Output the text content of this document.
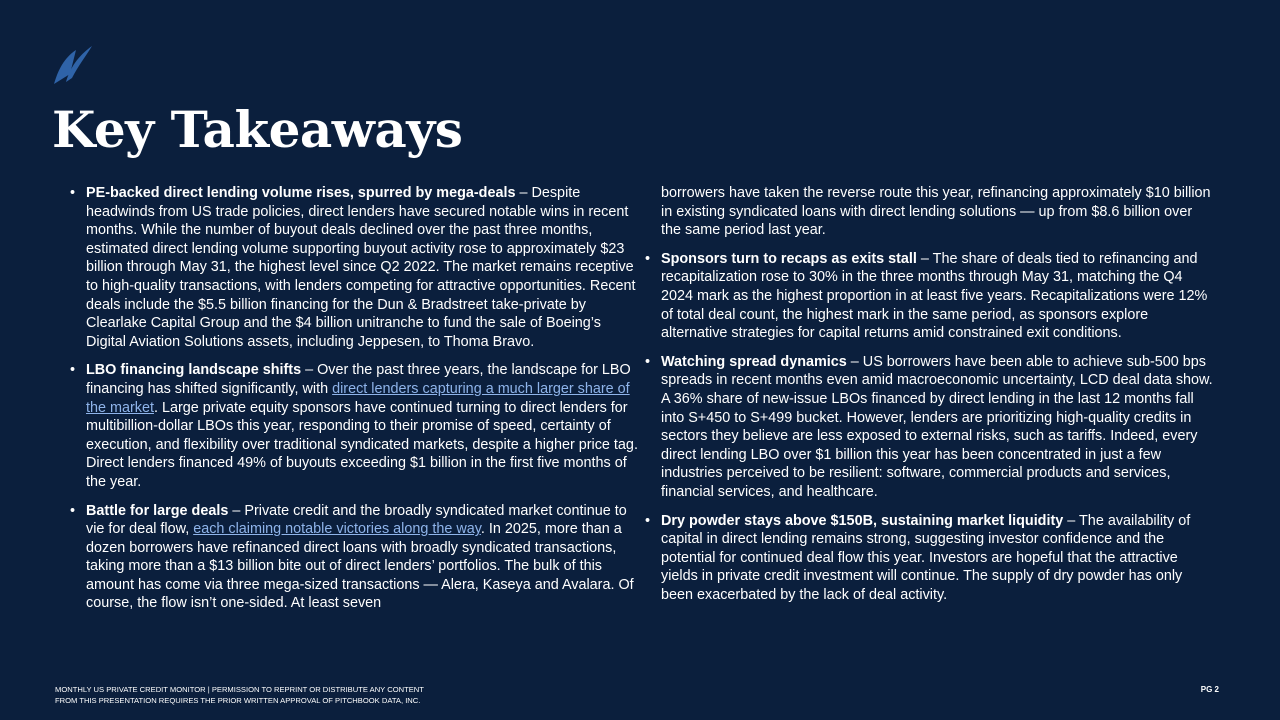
Key Takeaways
• PE-backed direct lending volume rises, spurred by mega-deals – Despite headwinds from US trade policies, direct lenders have secured notable wins in recent months. While the number of buyout deals declined over the past three months, estimated direct lending volume supporting buyout activity rose to approximately $23 billion through May 31, the highest level since Q2 2022. The market remains receptive to high-quality transactions, with lenders competing for attractive opportunities. Recent deals include the $5.5 billion financing for the Dun & Bradstreet take-private by Clearlake Capital Group and the $4 billion unitranche to fund the sale of Boeing’s Digital Aviation Solutions assets, including Jeppesen, to Thoma Bravo.
• LBO financing landscape shifts – Over the past three years, the landscape for LBO financing has shifted significantly, with direct lenders capturing a much larger share of the market. Large private equity sponsors have continued turning to direct lenders for multibillion-dollar LBOs this year, responding to their promise of speed, certainty of execution, and flexibility over traditional syndicated markets, despite a higher price tag. Direct lenders financed 49% of buyouts exceeding $1 billion in the first five months of the year.
• Battle for large deals – Private credit and the broadly syndicated market continue to vie for deal flow, each claiming notable victories along the way. In 2025, more than a dozen borrowers have refinanced direct loans with broadly syndicated transactions, taking more than a $13 billion bite out of direct lenders’ portfolios. The bulk of this amount has come via three mega-sized transactions — Alera, Kaseya and Avalara. Of course, the flow isn’t one-sided. At least seven

borrowers have taken the reverse route this year, refinancing approximately $10 billion in existing syndicated loans with direct lending solutions — up from $8.6 billion over the same period last year.

• Sponsors turn to recaps as exits stall – The share of deals tied to refinancing and recapitalization rose to 30% in the three months through May 31, matching the Q4 2024 mark as the highest proportion in at least five years. Recapitalizations were 12% of total deal count, the highest mark in the same period, as sponsors explore alternative strategies for capital returns amid constrained exit conditions.
• Watching spread dynamics – US borrowers have been able to achieve sub-500 bps spreads in recent months even amid macroeconomic uncertainty, LCD deal data show. A 36% share of new-issue LBOs financed by direct lending in the last 12 months fall into S+450 to S+499 bucket. However, lenders are prioritizing high-quality credits in sectors they believe are less exposed to external risks, such as tariffs. Indeed, every direct lending LBO over $1 billion this year has been concentrated in just a few industries perceived to be resilient: software, commercial products and services, financial services, and healthcare.
• Dry powder stays above $150B, sustaining market liquidity – The availability of capital in direct lending remains strong, suggesting investor confidence and the potential for continued deal flow this year. Investors are hopeful that the attractive yields in private credit investment will continue. The supply of dry powder has only been exacerbated by the lack of deal activity.
MONTHLY US PRIVATE CREDIT MONITOR | PERMISSION TO REPRINT OR DISTRIBUTE ANY CONTENT
FROM THIS PRESENTATION REQUIRES THE PRIOR WRITTEN APPROVAL OF PITCHBOOK DATA, INC.
PG 2
